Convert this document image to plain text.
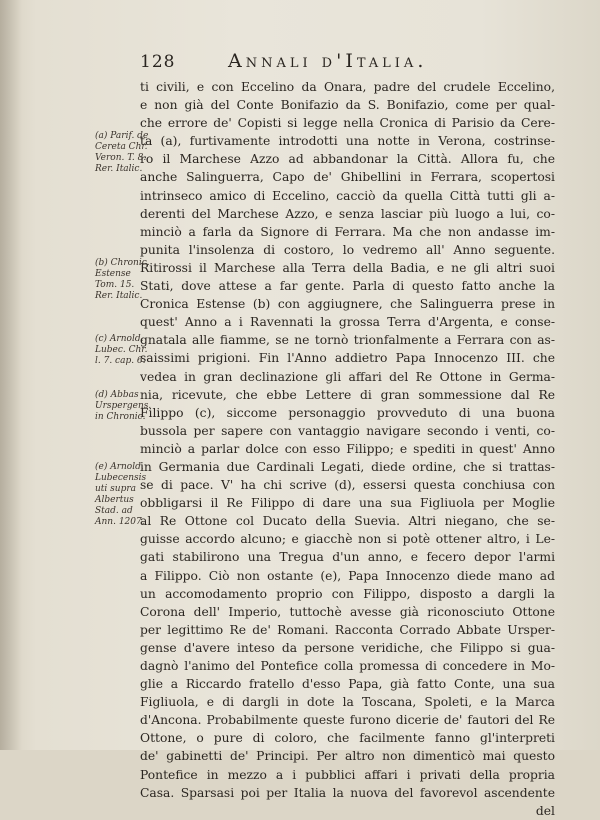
128	Annali d'Italia.
ti civili, e con Eccelino da Onara, padre del crudele Eccelino,
e non già del Conte Bonifazio da S. Bonifazio, come per qual-
che errore de' Copisti si legge nella Cronica di Parisio da Cere-
ta (a), furtivamente introdotti una notte in Verona, costrinse-
ro il Marchese Azzo ad abbandonar la Città. Allora fu, che
anche Salinguerra, Capo de' Ghibellini in Ferrara, scopertosi
intrinseco amico di Eccelino, cacciò da quella Città tutti gli a-
derenti del Marchese Azzo, e senza lasciar più luogo a lui, co-
minciò a farla da Signore di Ferrara. Ma che non andasse im-
punita l'insolenza di costoro, lo vedremo all' Anno seguente.
Ritirossi il Marchese alla Terra della Badia, e ne gli altri suoi
Stati, dove attese a far gente. Parla di questo fatto anche la
Cronica Estense (b) con aggiugnere, che Salinguerra prese in
quest' Anno a i Ravennati la grossa Terra d'Argenta, e conse-
gnatala alle fiamme, se ne tornò trionfalmente a Ferrara con as-
saissimi prigioni. Fin l'Anno addietro Papa Innocenzo III. che
vedea in gran declinazione gli affari del Re Ottone in Germa-
nia, ricevute, che ebbe Lettere di gran sommessione dal Re
Filippo (c), siccome personaggio provveduto di una buona
bussola per sapere con vantaggio navigare secondo i venti, co-
minciò a parlar dolce con esso Filippo; e spediti in quest' Anno
in Germania due Cardinali Legati, diede ordine, che si trattas-
se di pace. V' ha chi scrive (d), essersi questa conchiusa con
obbligarsi il Re Filippo di dare una sua Figliuola per Moglie
al Re Ottone col Ducato della Suevia. Altri niegano, che se-
guisse accordo alcuno; e giacchè non si potè ottener altro, i Le-
gati stabilirono una Tregua d'un anno, e fecero depor l'armi
a Filippo. Ciò non ostante (e), Papa Innocenzo diede mano ad
un accomodamento proprio con Filippo, disposto a dargli la
Corona dell' Imperio, tuttochè avesse già riconosciuto Ottone
per legittimo Re de' Romani. Racconta Corrado Abbate Ursper-
gense d'avere inteso da persone veridiche, che Filippo si gua-
dagnò l'animo del Pontefice colla promessa di concedere in Mo-
glie a Riccardo fratello d'esso Papa, già fatto Conte, una sua
Figliuola, e di dargli in dote la Toscana, Spoleti, e la Marca
d'Ancona. Probabilmente queste furono dicerie de' fautori del Re
Ottone, o pure di coloro, che facilmente fanno gl'interpreti
de' gabinetti de' Principi. Per altro non dimenticò mai questo
Pontefice in mezzo a i pubblici affari i privati della propria
Casa. Sparsasi poi per Italia la nuova del favorevol ascendente
del
(a) Parif. de
Cereta Chr.
Veron. T. 8.
Rer. Italic.
(b) Chronic.
Estense
Tom. 15.
Rer. Italic.
(c) Arnold.
Lubec. Chr.
l. 7. cap. 6.
(d) Abbas
Urspergens.
in Chronic.
(e) Arnold.
Lubecensis
uti supra
Albertus
Stad. ad
Ann. 1207.
